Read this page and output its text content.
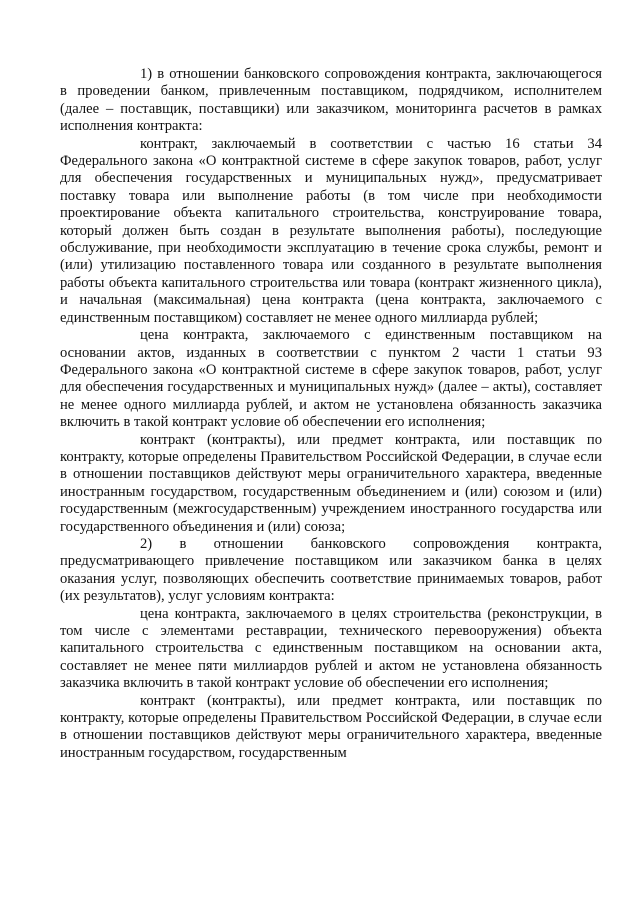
1) в отношении банковского сопровождения контракта, заключающегося в проведении банком, привлеченным поставщиком, подрядчиком, исполнителем (далее – поставщик, поставщики) или заказчиком, мониторинга расчетов в рамках исполнения контракта:

контракт, заключаемый в соответствии с частью 16 статьи 34 Федерального закона «О контрактной системе в сфере закупок товаров, работ, услуг для обеспечения государственных и муниципальных нужд», предусматривает поставку товара или выполнение работы (в том числе при необходимости проектирование объекта капитального строительства, конструирование товара, который должен быть создан в результате выполнения работы), последующие обслуживание, при необходимости эксплуатацию в течение срока службы, ремонт и (или) утилизацию поставленного товара или созданного в результате выполнения работы объекта капитального строительства или товара (контракт жизненного цикла), и начальная (максимальная) цена контракта (цена контракта, заключаемого с единственным поставщиком) составляет не менее одного миллиарда рублей;

цена контракта, заключаемого с единственным поставщиком на основании актов, изданных в соответствии с пунктом 2 части 1 статьи 93 Федерального закона «О контрактной системе в сфере закупок товаров, работ, услуг для обеспечения государственных и муниципальных нужд» (далее – акты), составляет не менее одного миллиарда рублей, и актом не установлена обязанность заказчика включить в такой контракт условие об обеспечении его исполнения;

контракт (контракты), или предмет контракта, или поставщик по контракту, которые определены Правительством Российской Федерации, в случае если в отношении поставщиков действуют меры ограничительного характера, введенные иностранным государством, государственным объединением и (или) союзом и (или) государственным (межгосударственным) учреждением иностранного государства или государственного объединения и (или) союза;

2) в отношении банковского сопровождения контракта, предусматривающего привлечение поставщиком или заказчиком банка в целях оказания услуг, позволяющих обеспечить соответствие принимаемых товаров, работ (их результатов), услуг условиям контракта:

цена контракта, заключаемого в целях строительства (реконструкции, в том числе с элементами реставрации, технического перевооружения) объекта капитального строительства с единственным поставщиком на основании акта, составляет не менее пяти миллиардов рублей и актом не установлена обязанность заказчика включить в такой контракт условие об обеспечении его исполнения;

контракт (контракты), или предмет контракта, или поставщик по контракту, которые определены Правительством Российской Федерации, в случае если в отношении поставщиков действуют меры ограничительного характера, введенные иностранным государством, государственным
